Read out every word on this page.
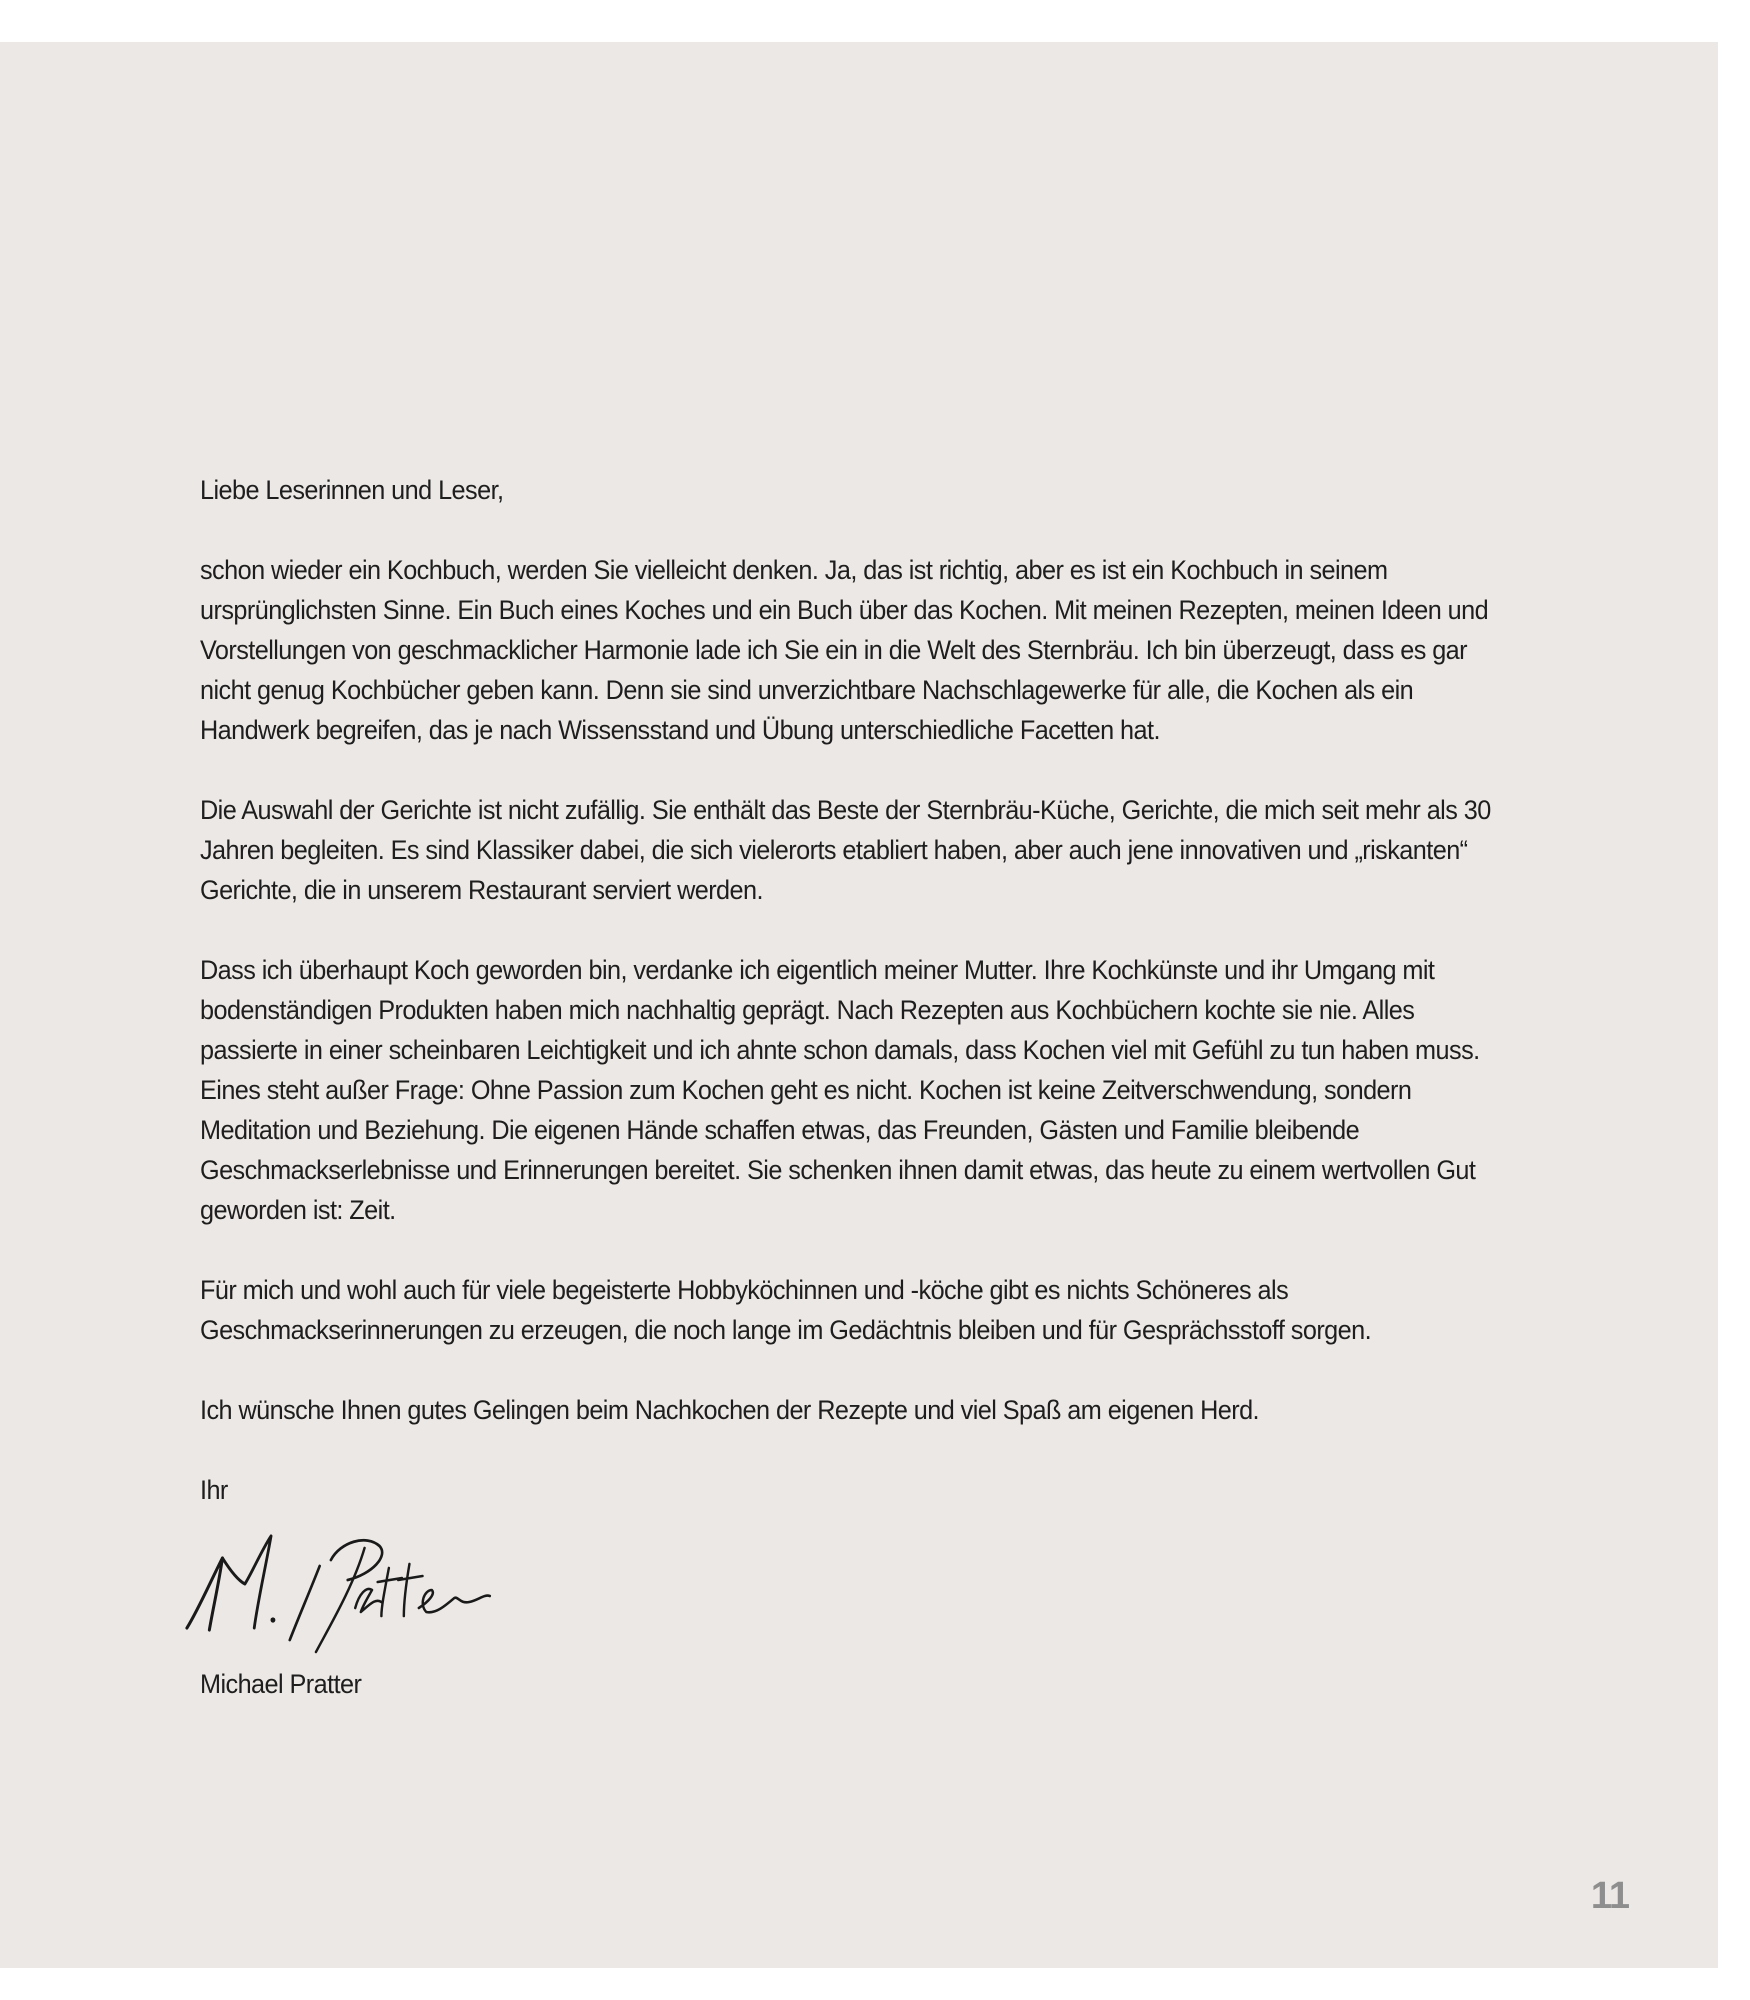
Liebe Leserinnen und Leser,

schon wieder ein Kochbuch, werden Sie vielleicht denken. Ja, das ist richtig, aber es ist ein Kochbuch in seinem ursprünglichsten Sinne. Ein Buch eines Koches und ein Buch über das Kochen. Mit meinen Rezepten, meinen Ideen und Vorstellungen von geschmacklicher Harmonie lade ich Sie ein in die Welt des Sternbräu. Ich bin überzeugt, dass es gar nicht genug Kochbücher geben kann. Denn sie sind unverzichtbare Nachschlagewerke für alle, die Kochen als ein Handwerk begreifen, das je nach Wissensstand und Übung unterschiedliche Facetten hat.

Die Auswahl der Gerichte ist nicht zufällig. Sie enthält das Beste der Sternbräu-Küche, Gerichte, die mich seit mehr als 30 Jahren begleiten. Es sind Klassiker dabei, die sich vielerorts etabliert haben, aber auch jene innovativen und „riskanten“ Gerichte, die in unserem Restaurant serviert werden.

Dass ich überhaupt Koch geworden bin, verdanke ich eigentlich meiner Mutter. Ihre Kochkünste und ihr Umgang mit bodenständigen Produkten haben mich nachhaltig geprägt. Nach Rezepten aus Kochbüchern kochte sie nie. Alles passierte in einer scheinbaren Leichtigkeit und ich ahnte schon damals, dass Kochen viel mit Gefühl zu tun haben muss. Eines steht außer Frage: Ohne Passion zum Kochen geht es nicht. Kochen ist keine Zeitverschwendung, sondern Meditation und Beziehung. Die eigenen Hände schaffen etwas, das Freunden, Gästen und Familie bleibende Geschmackserlebnisse und Erinnerungen bereitet. Sie schenken ihnen damit etwas, das heute zu einem wertvollen Gut geworden ist: Zeit.

Für mich und wohl auch für viele begeisterte Hobbyköchinnen und -köche gibt es nichts Schöneres als Geschmackserinnerungen zu erzeugen, die noch lange im Gedächtnis bleiben und für Gesprächsstoff sorgen.

Ich wünsche Ihnen gutes Gelingen beim Nachkochen der Rezepte und viel Spaß am eigenen Herd.

Ihr

Michael Pratter

11
